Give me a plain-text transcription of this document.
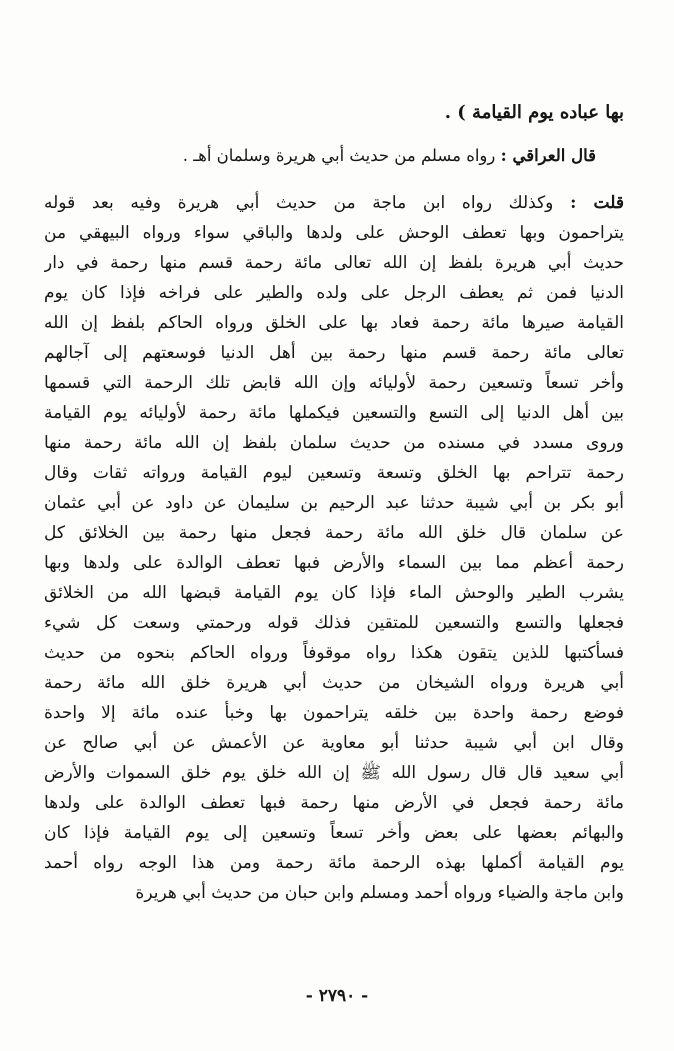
بها عباده يوم القيامة ) .
قال العراقي : رواه مسلم من حديث أبي هريرة وسلمان أهـ .
قلت : وكذلك رواه ابن ماجة من حديث أبي هريرة وفيه بعد قوله
يتراحمون وبها تعطف الوحش على ولدها والباقي سواء ورواه البيهقي من
حديث أبي هريرة بلفظ إن الله تعالى مائة رحمة قسم منها رحمة في دار
الدنيا فمن ثم يعطف الرجل على ولده والطير على فراخه فإذا كان يوم
القيامة صيرها مائة رحمة فعاد بها على الخلق ورواه الحاكم بلفظ إن الله
تعالى مائة رحمة قسم منها رحمة بين أهل الدنيا فوسعتهم إلى آجالهم
وأخر تسعاً وتسعين رحمة لأوليائه وإن الله قابض تلك الرحمة التي قسمها
بين أهل الدنيا إلى التسع والتسعين فيكملها مائة رحمة لأوليائه يوم القيامة
وروى مسدد في مسنده من حديث سلمان بلفظ إن الله مائة رحمة منها
رحمة تتراحم بها الخلق وتسعة وتسعين ليوم القيامة ورواته ثقات وقال
أبو بكر بن أبي شيبة حدثنا عبد الرحيم بن سليمان عن داود عن أبي عثمان
عن سلمان قال خلق الله مائة رحمة فجعل منها رحمة بين الخلائق كل
رحمة أعظم مما بين السماء والأرض فبها تعطف الوالدة على ولدها وبها
يشرب الطير والوحش الماء فإذا كان يوم القيامة قبضها الله من الخلائق
فجعلها والتسع والتسعين للمتقين فذلك قوله ورحمتي وسعت كل شيء
فسأكتبها للذين يتقون هكذا رواه موقوفاً ورواه الحاكم بنحوه من حديث
أبي هريرة ورواه الشيخان من حديث أبي هريرة خلق الله مائة رحمة
فوضع رحمة واحدة بين خلقه يتراحمون بها وخبأ عنده مائة إلا واحدة
وقال ابن أبي شيبة حدثنا أبو معاوية عن الأعمش عن أبي صالح عن
أبي سعيد قال قال رسول الله ﷺ إن الله خلق يوم خلق السموات والأرض
مائة رحمة فجعل في الأرض منها رحمة فبها تعطف الوالدة على ولدها
والبهائم بعضها على بعض وأخر تسعاً وتسعين إلى يوم القيامة فإذا كان
يوم القيامة أكملها بهذه الرحمة مائة رحمة ومن هذا الوجه رواه أحمد
وابن ماجة والضياء ورواه أحمد ومسلم وابن حبان من حديث أبي هريرة
- ٢٧٩٠ -
